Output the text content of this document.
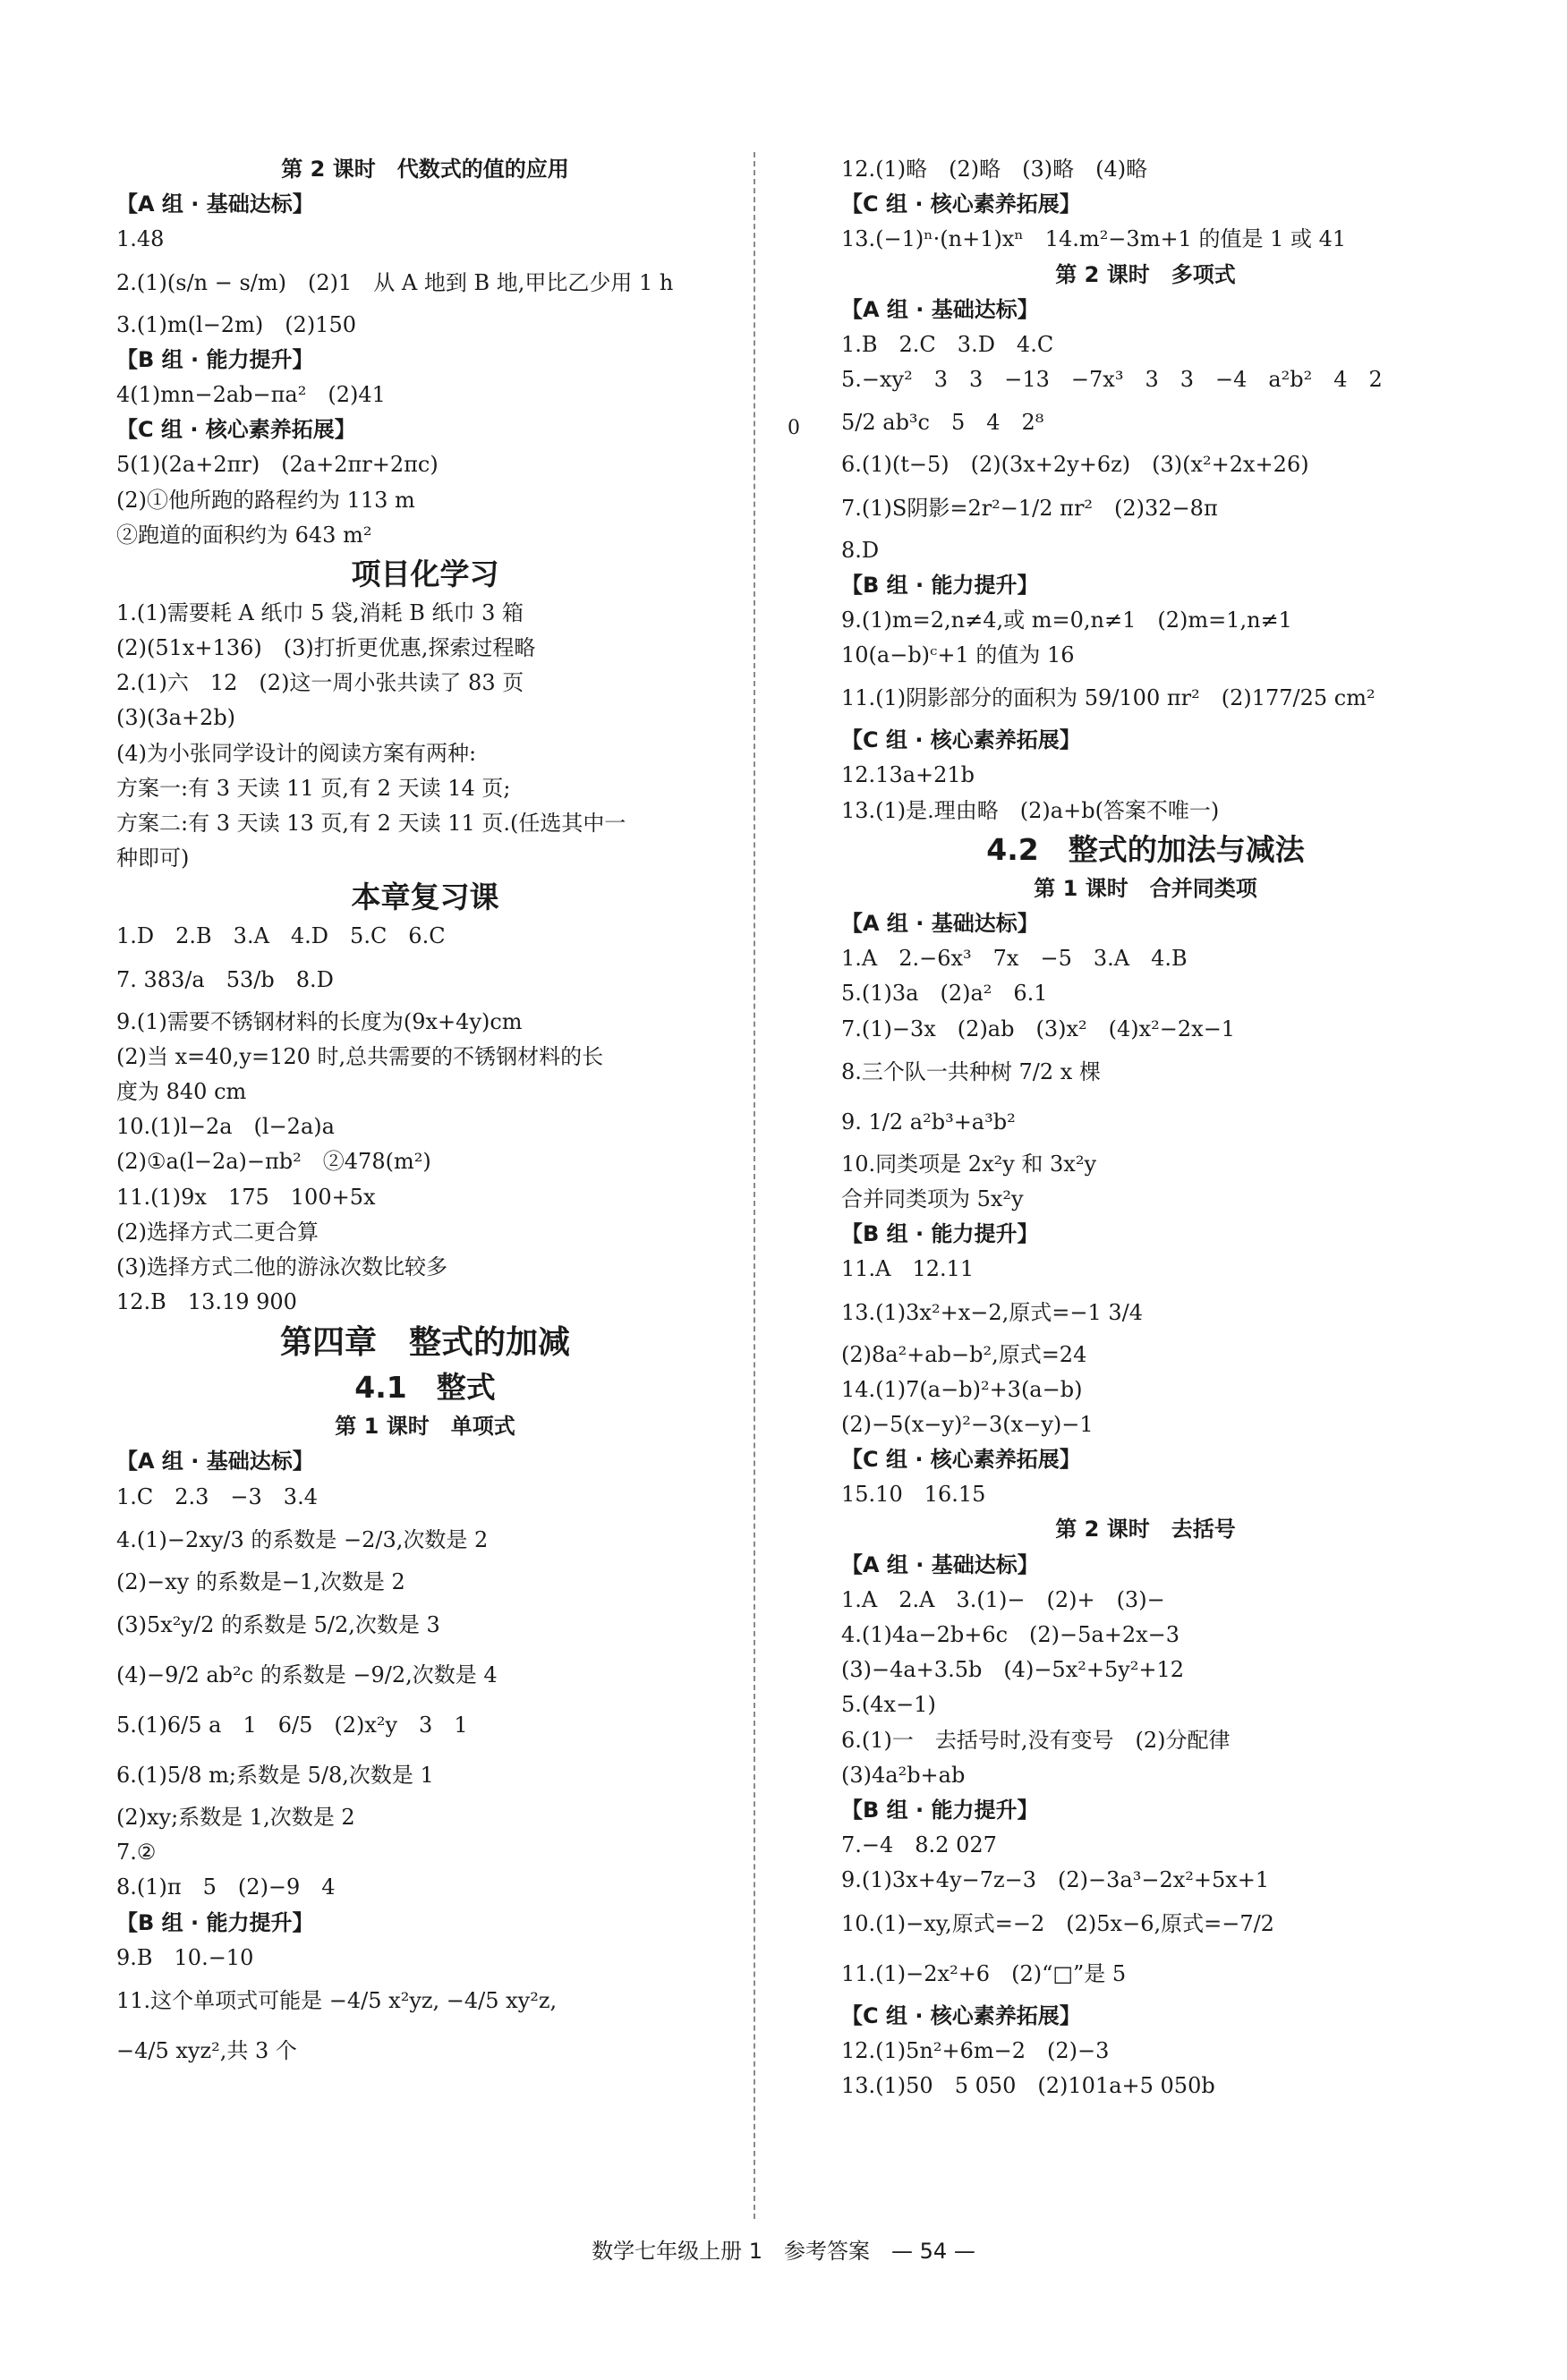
第 2 课时　代数式的值的应用
【A 组 · 基础达标】
1.48
2.(1)(s/n − s/m)　(2)1　从 A 地到 B 地,甲比乙少用 1 h
3.(1)m(l−2m)　(2)150
【B 组 · 能力提升】
4(1)mn−2ab−πa²　(2)41
【C 组 · 核心素养拓展】
5(1)(2a+2πr)　(2a+2πr+2πc)
(2)①他所跑的路程约为 113 m
②跑道的面积约为 643 m²
项目化学习
1.(1)需要耗 A 纸巾 5 袋,消耗 B 纸巾 3 箱
(2)(51x+136)　(3)打折更优惠,探索过程略
2.(1)六　12　(2)这一周小张共读了 83 页
(3)(3a+2b)
(4)为小张同学设计的阅读方案有两种:
方案一:有 3 天读 11 页,有 2 天读 14 页;
方案二:有 3 天读 13 页,有 2 天读 11 页.(任选其中一
种即可)
本章复习课
1.D　2.B　3.A　4.D　5.C　6.C
7. 383/a　53/b　8.D
9.(1)需要不锈钢材料的长度为(9x+4y)cm
(2)当 x=40,y=120 时,总共需要的不锈钢材料的长
度为 840 cm
10.(1)l−2a　(l−2a)a
(2)①a(l−2a)−πb²　②478(m²)
11.(1)9x　175　100+5x
(2)选择方式二更合算
(3)选择方式二他的游泳次数比较多
12.B　13.19 900
第四章　整式的加减
4.1　整式
第 1 课时　单项式
【A 组 · 基础达标】
1.C　2.3　−3　3.4
4.(1)−2xy/3 的系数是 −2/3,次数是 2
(2)−xy 的系数是−1,次数是 2
(3)5x²y/2 的系数是 5/2,次数是 3
(4)−9/2 ab²c 的系数是 −9/2,次数是 4
5.(1)6/5 a　1　6/5　(2)x²y　3　1
6.(1)5/8 m;系数是 5/8,次数是 1
(2)xy;系数是 1,次数是 2
7.②
8.(1)π　5　(2)−9　4
【B 组 · 能力提升】
9.B　10.−10
11.这个单项式可能是 −4/5 x²yz, −4/5 xy²z,
−4/5 xyz²,共 3 个
12.(1)略　(2)略　(3)略　(4)略
【C 组 · 核心素养拓展】
13.(−1)ⁿ·(n+1)xⁿ　14.m²−3m+1 的值是 1 或 41
第 2 课时　多项式
【A 组 · 基础达标】
1.B　2.C　3.D　4.C
5.−xy²　3　3　−13　−7x³　3　3　−4　a²b²　4　2
5/2 ab³c　5　4　2⁸
6.(1)(t−5)　(2)(3x+2y+6z)　(3)(x²+2x+26)
7.(1)S阴影=2r²−1/2 πr²　(2)32−8π
8.D
【B 组 · 能力提升】
9.(1)m=2,n≠4,或 m=0,n≠1　(2)m=1,n≠1
10(a−b)ᶜ+1 的值为 16
11.(1)阴影部分的面积为 59/100 πr²　(2)177/25 cm²
【C 组 · 核心素养拓展】
12.13a+21b
13.(1)是.理由略　(2)a+b(答案不唯一)
4.2　整式的加法与减法
第 1 课时　合并同类项
【A 组 · 基础达标】
1.A　2.−6x³　7x　−5　3.A　4.B
5.(1)3a　(2)a²　6.1
7.(1)−3x　(2)ab　(3)x²　(4)x²−2x−1
8.三个队一共种树 7/2 x 棵
9. 1/2 a²b³+a³b²
10.同类项是 2x²y 和 3x²y
合并同类项为 5x²y
【B 组 · 能力提升】
11.A　12.11
13.(1)3x²+x−2,原式=−1 3/4
(2)8a²+ab−b²,原式=24
14.(1)7(a−b)²+3(a−b)
(2)−5(x−y)²−3(x−y)−1
【C 组 · 核心素养拓展】
15.10　16.15
第 2 课时　去括号
【A 组 · 基础达标】
1.A　2.A　3.(1)−　(2)+　(3)−
4.(1)4a−2b+6c　(2)−5a+2x−3
(3)−4a+3.5b　(4)−5x²+5y²+12
5.(4x−1)
6.(1)一　去括号时,没有变号　(2)分配律
(3)4a²b+ab
【B 组 · 能力提升】
7.−4　8.2 027
9.(1)3x+4y−7z−3　(2)−3a³−2x²+5x+1
10.(1)−xy,原式=−2　(2)5x−6,原式=−7/2
11.(1)−2x²+6　(2)“□”是 5
【C 组 · 核心素养拓展】
12.(1)5n²+6m−2　(2)−3
13.(1)50　5 050　(2)101a+5 050b
0
数学七年级上册 1　参考答案　— 54 —
